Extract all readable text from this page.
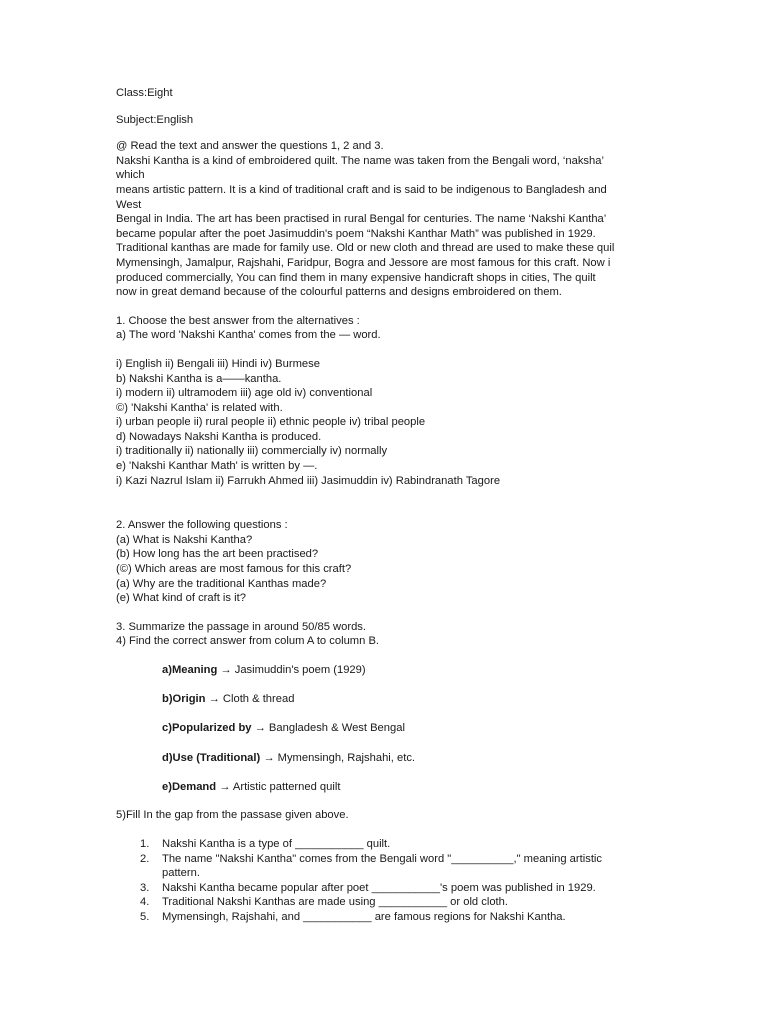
Class:Eight
Subject:English
@ Read the text and answer the questions 1, 2 and 3.
Nakshi Kantha is a kind of embroidered quilt. The name was taken from the Bengali word, ‘naksha’
which
means artistic pattern. It is a kind of traditional craft and is said to be indigenous to Bangladesh and
West
Bengal in India. The art has been practised in rural Bengal for centuries. The name ‘Nakshi Kantha’
became popular after the poet Jasimuddin's poem “Nakshi Kanthar Math” was published in 1929.
Traditional kanthas are made for family use. Old or new cloth and thread are used to make these quil
Mymensingh, Jamalpur, Rajshahi, Faridpur, Bogra and Jessore are most famous for this craft. Now i
produced commercially, You can find them in many expensive handicraft shops in cities, The quilt
now in great demand because of the colourful patterns and designs embroidered on them.
1. Choose the best answer from the alternatives :
a) The word 'Nakshi Kantha' comes from the — word.
i) English ii) Bengali iii) Hindi iv) Burmese
b) Nakshi Kantha is a——kantha.
i) modern ii) ultramodem iii) age old iv) conventional
©) 'Nakshi Kantha' is related with.
i) urban people ii) rural people ii) ethnic people iv) tribal people
d) Nowadays Nakshi Kantha is produced.
i) traditionally ii) nationally iii) commercially iv) normally
e) 'Nakshi Kanthar Math' is written by —.
i) Kazi Nazrul Islam ii) Farrukh Ahmed iii) Jasimuddin iv) Rabindranath Tagore
2. Answer the following questions :
(a) What is Nakshi Kantha?
(b) How long has the art been practised?
(©) Which areas are most famous for this craft?
(a) Why are the traditional Kanthas made?
(e) What kind of craft is it?
3. Summarize the passage in around 50/85 words.
4) Find the correct answer from colum A to column B.
a)Meaning → Jasimuddin's poem (1929)
b)Origin → Cloth & thread
c)Popularized by → Bangladesh & West Bengal
d)Use (Traditional) → Mymensingh, Rajshahi, etc.
e)Demand → Artistic patterned quilt
5)Fill In the gap from the passase given above.
1. Nakshi Kantha is a type of ___________ quilt.
2. The name "Nakshi Kantha" comes from the Bengali word "__________," meaning artistic pattern.
3. Nakshi Kantha became popular after poet ___________'s poem was published in 1929.
4. Traditional Nakshi Kanthas are made using ___________ or old cloth.
5. Mymensingh, Rajshahi, and ___________ are famous regions for Nakshi Kantha.
